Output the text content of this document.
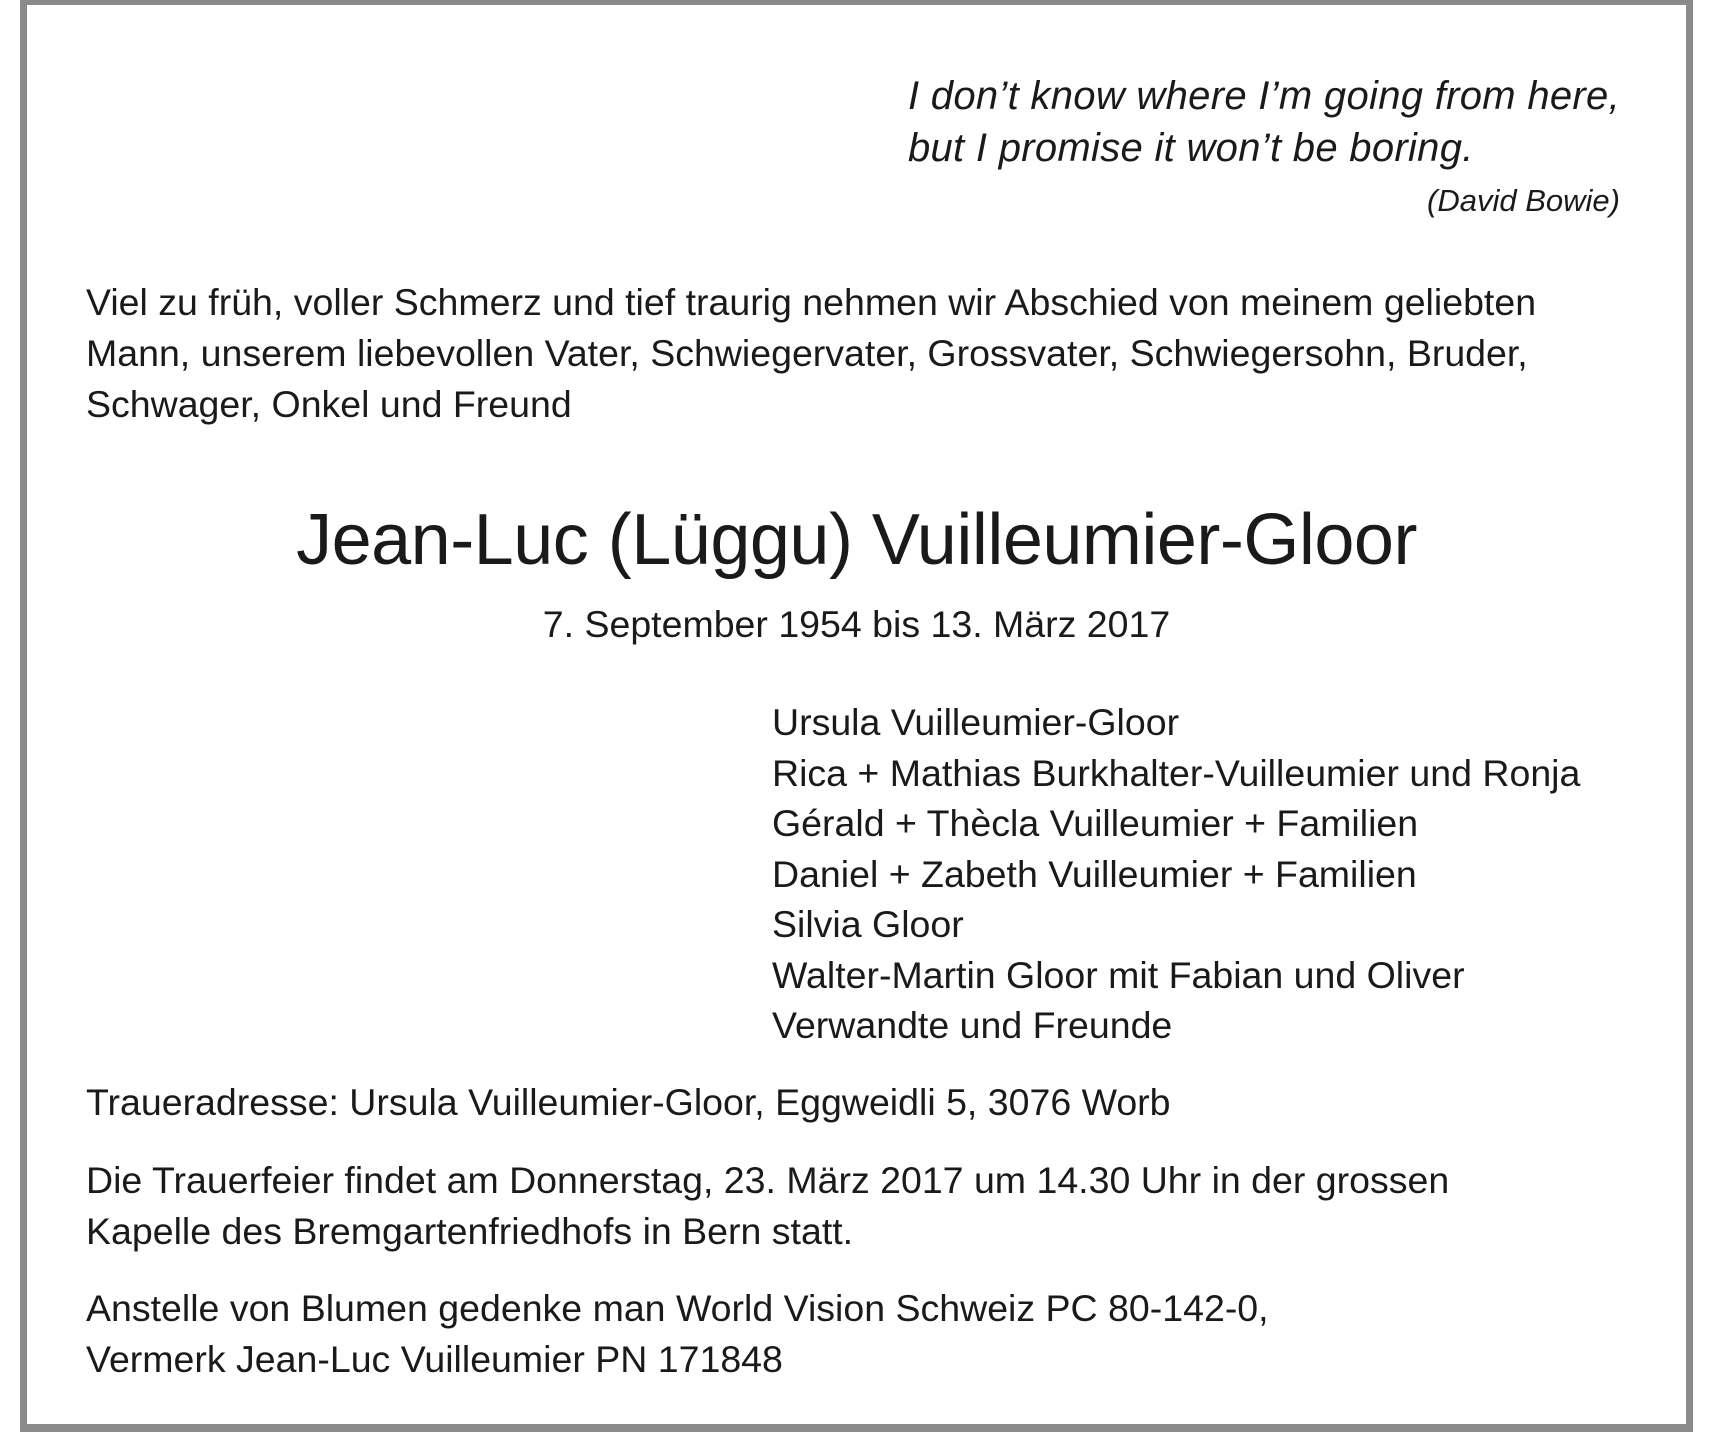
I don’t know where I’m going from here,
but I promise it won’t be boring.
(David Bowie)
Viel zu früh, voller Schmerz und tief traurig nehmen wir Abschied von meinem geliebten
Mann, unserem liebevollen Vater, Schwiegervater, Grossvater, Schwiegersohn, Bruder,
Schwager, Onkel und Freund
Jean-Luc (Lüggu) Vuilleumier-Gloor
7. September 1954 bis 13. März 2017
Ursula Vuilleumier-Gloor
Rica + Mathias Burkhalter-Vuilleumier und Ronja
Gérald + Thècla Vuilleumier + Familien
Daniel + Zabeth Vuilleumier + Familien
Silvia Gloor
Walter-Martin Gloor mit Fabian und Oliver
Verwandte und Freunde
Traueradresse: Ursula Vuilleumier-Gloor, Eggweidli 5, 3076 Worb
Die Trauerfeier findet am Donnerstag, 23. März 2017 um 14.30 Uhr in der grossen
Kapelle des Bremgartenfriedhofs in Bern statt.
Anstelle von Blumen gedenke man World Vision Schweiz PC 80-142-0,
Vermerk Jean-Luc Vuilleumier PN 171848
